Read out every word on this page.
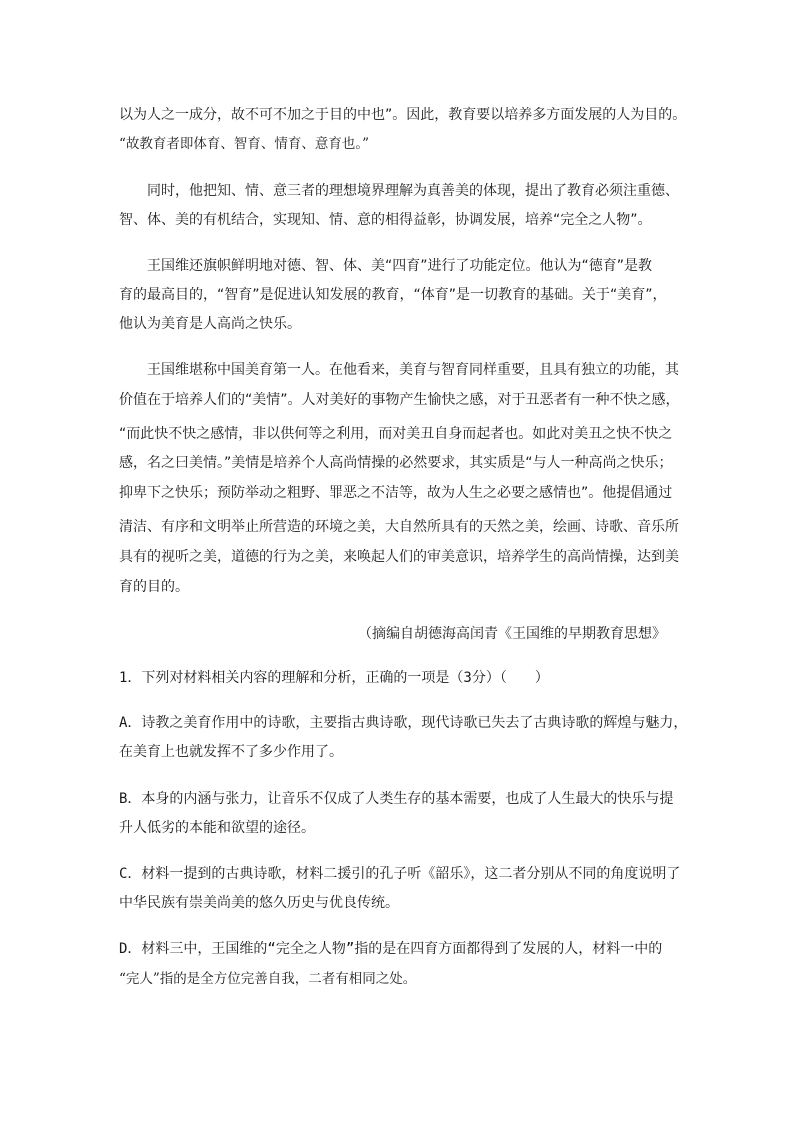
以为人之一成分，故不可不加之于目的中也”。因此，教育要以培养多方面发展的人为目的。
“故教育者即体育、智育、情育、意育也。”
同时，他把知、情、意三者的理想境界理解为真善美的体现，提出了教育必须注重德、
智、体、美的有机结合，实现知、情、意的相得益彰，协调发展，培养“完全之人物”。
王国维还旗帜鲜明地对德、智、体、美“四育”进行了功能定位。他认为“德育”是教
育的最高目的，“智育”是促进认知发展的教育，“体育”是一切教育的基础。关于“美育”，
他认为美育是人高尚之快乐。
王国维堪称中国美育第一人。在他看来，美育与智育同样重要，且具有独立的功能，其
价值在于培养人们的“美情”。人对美好的事物产生愉快之感，对于丑恶者有一种不快之感，
“而此快不快之感情，非以供何等之利用，而对美丑自身而起者也。如此对美丑之快不快之
感，名之曰美情。”美情是培养个人高尚情操的必然要求，其实质是“与人一种高尚之快乐；
抑卑下之快乐；预防举动之粗野、罪恶之不洁等，故为人生之必要之感情也”。他提倡通过
清洁、有序和文明举止所营造的环境之美，大自然所具有的天然之美，绘画、诗歌、音乐所
具有的视听之美，道德的行为之美，来唤起人们的审美意识，培养学生的高尚情操，达到美
育的目的。
（摘编自胡德海高闰青《王国维的早期教育思想》
1．下列对材料相关内容的理解和分析，正确的一项是（3分）（　　）
A．诗教之美育作用中的诗歌，主要指古典诗歌，现代诗歌已失去了古典诗歌的辉煌与魅力，
在美育上也就发挥不了多少作用了。
B．本身的内涵与张力，让音乐不仅成了人类生存的基本需要，也成了人生最大的快乐与提
升人低劣的本能和欲望的途径。
C．材料一提到的古典诗歌，材料二援引的孔子听《韶乐》，这二者分别从不同的角度说明了
中华民族有崇美尚美的悠久历史与优良传统。
D．材料三中，王国维的“完全之人物”指的是在四育方面都得到了发展的人，材料一中的
“完人”指的是全方位完善自我，二者有相同之处。
